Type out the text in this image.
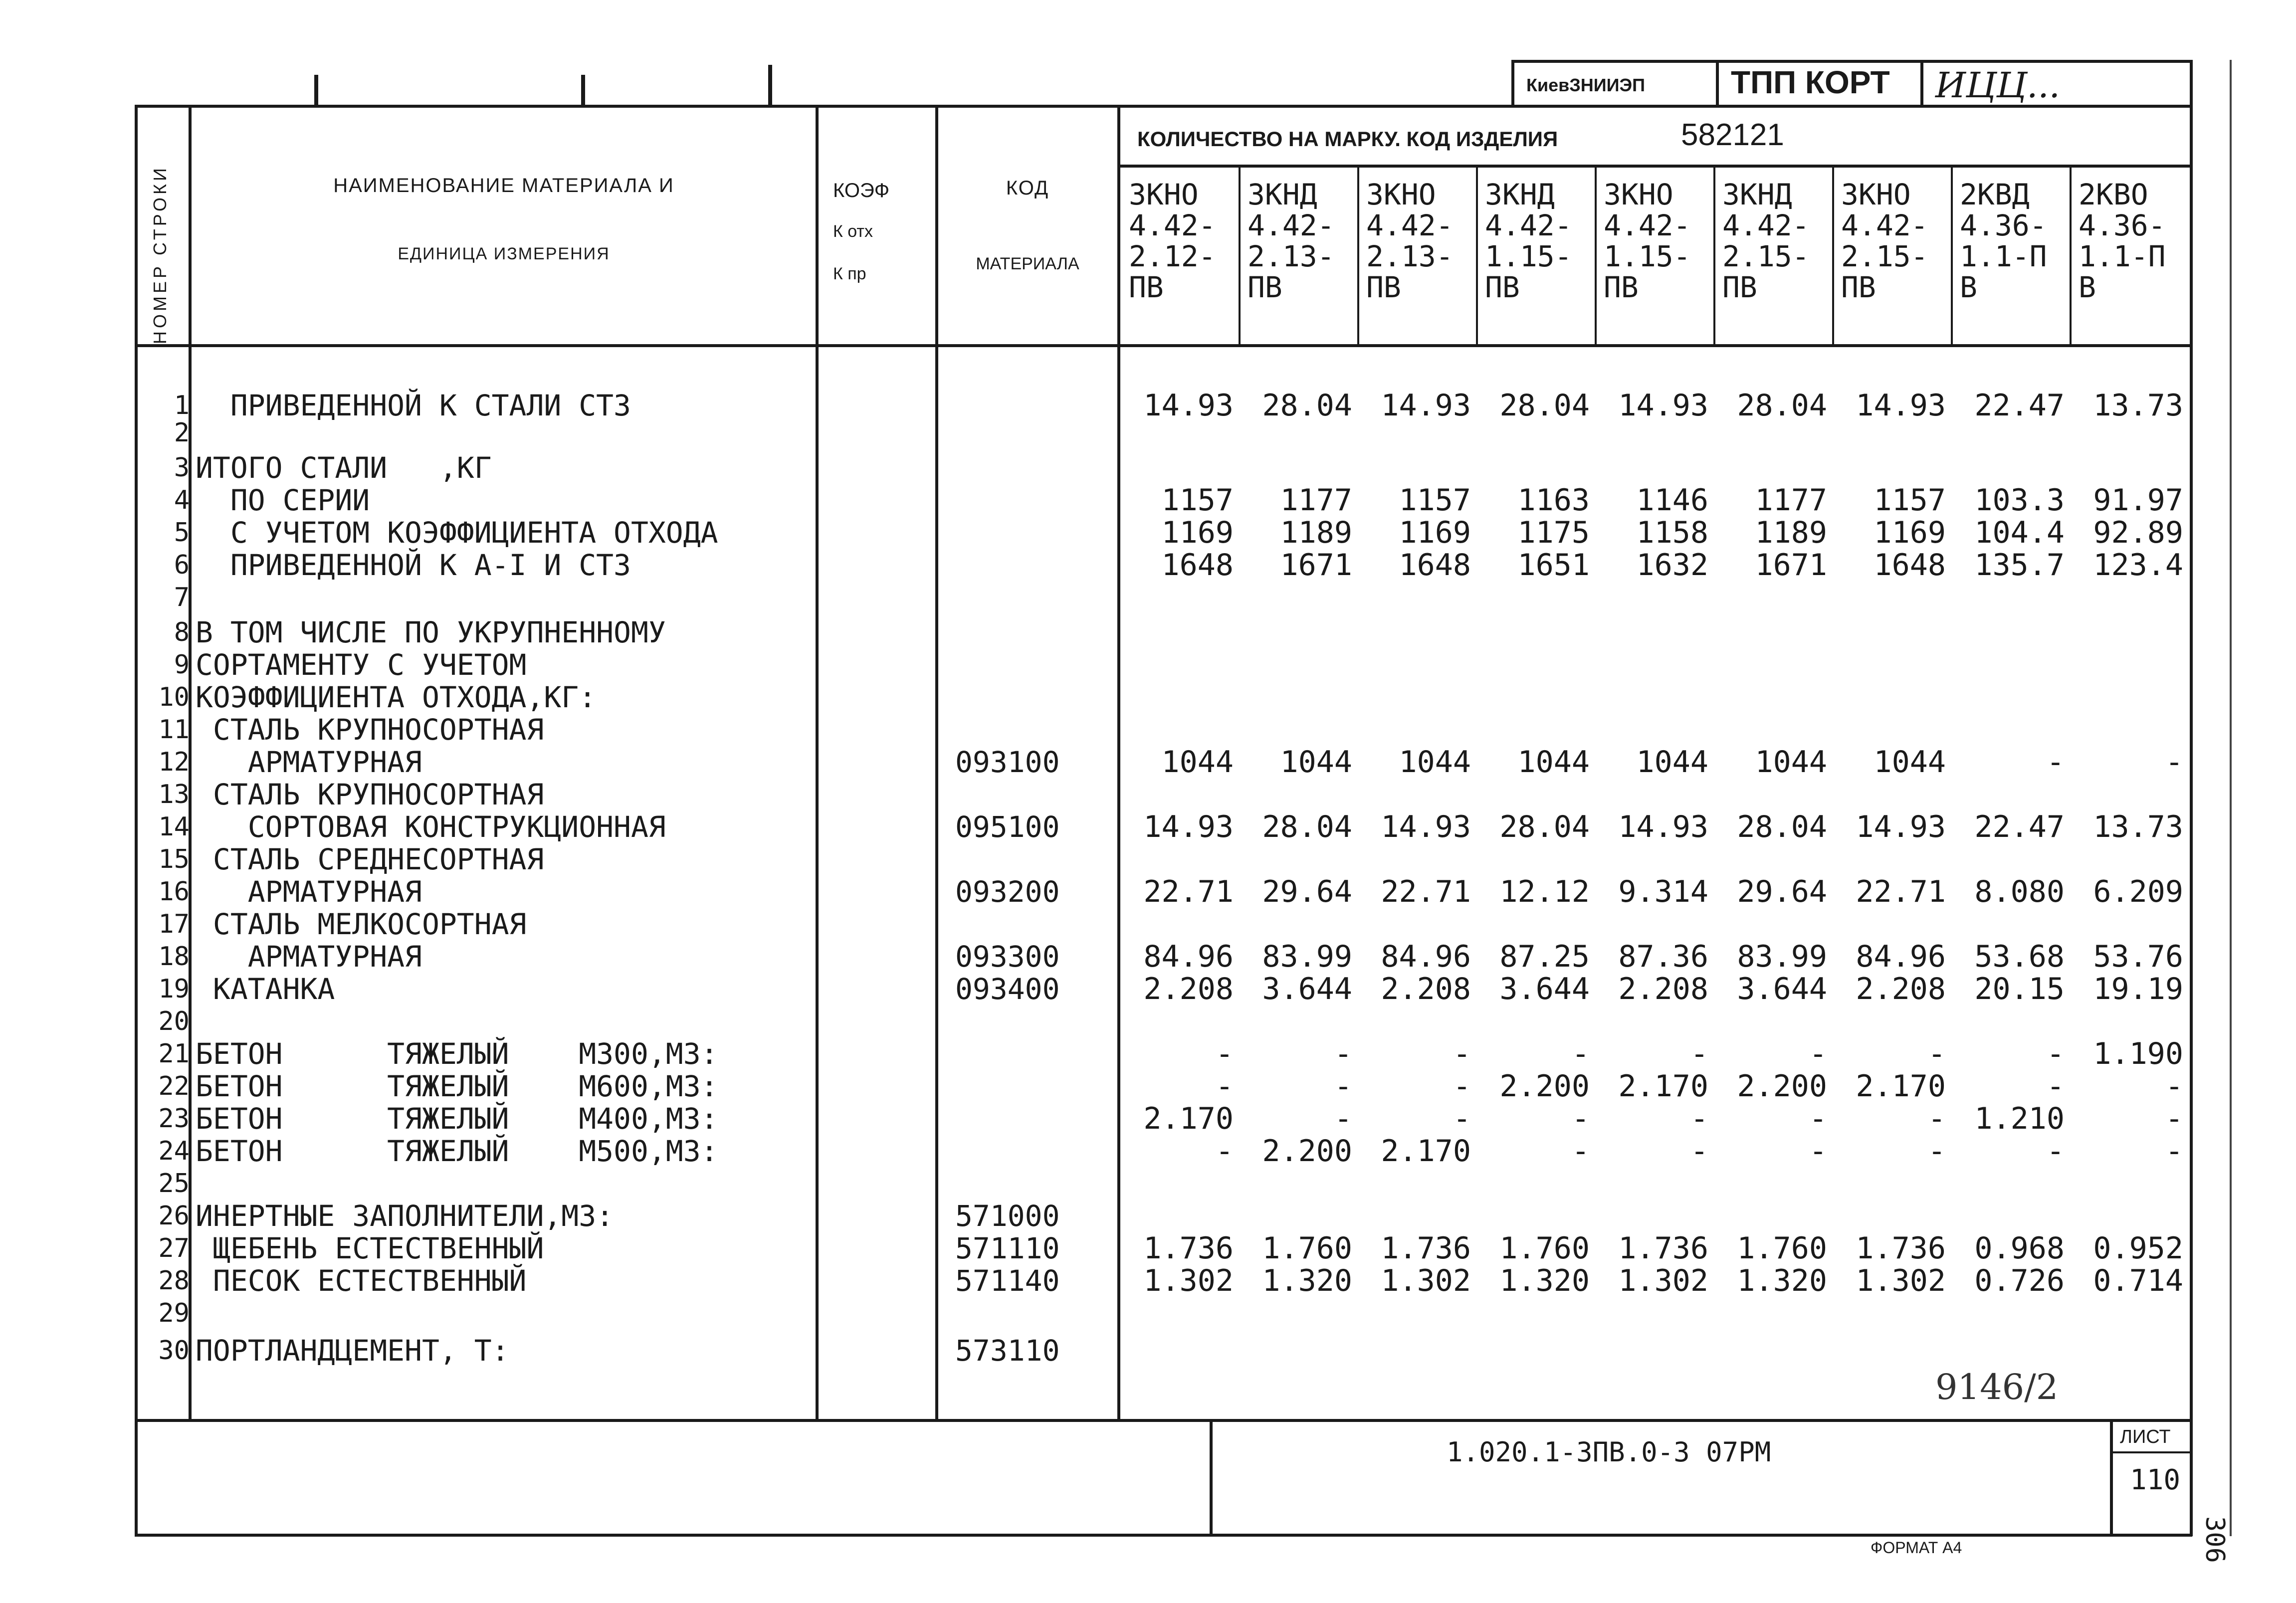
КиевЗНИИЭП	ТПП КОРТ ИЦЦ...
НОМЕР СТРОКИ	НАИМЕНОВАНИЕ МАТЕРИАЛА И
ЕДИНИЦА ИЗМЕРЕНИЯ
КОЭФ
К отх
К пр
КОД
МАТЕРИАЛА
КОЛИЧЕСТВО НА МАРКУ. КОД ИЗДЕЛИЯ	582121
ЗКНО
4.42-
2.12-
ПВ
ЗКНД
4.42-
2.13-
ПВ
ЗКНО
4.42-
2.13-
ПВ
ЗКНД
4.42-
1.15-
ПВ
ЗКНО
4.42-
1.15-
ПВ
ЗКНД
4.42-
2.15-
ПВ
ЗКНО
4.42-
2.15-
ПВ
2КВД
4.36-
1.1-П
В
2КВО
4.36-
1.1-П
В
1 ПРИВЕДЕННОЙ К СТАЛИ СТ3	14.93 28.04 14.93 28.04 14.93 28.04 14.93 22.47 13.73
2
3 ИТОГО СТАЛИ   ,КГ
4 ПО СЕРИИ	1157	1177	1157	1163	1146	1177	1157 103.3 91.97
5 С УЧЕТОМ КОЭФФИЦИЕНТА ОТХОДА	1169	1189	1169	1175	1158	1189	1169 104.4 92.89
6 ПРИВЕДЕННОЙ К А-I И СТ3	1648	1671	1648	1651	1632	1671	1648 135.7 123.4
7
8 В ТОМ ЧИСЛЕ ПО УКРУПНЕННОМУ
9 СОРТАМЕНТУ С УЧЕТОМ
10 КОЭФФИЦИЕНТА ОТХОДА,КГ:
11 СТАЛЬ КРУПНОСОРТНАЯ
12 АРМАТУРНАЯ	093100	1044	1044	1044	1044	1044	1044	1044	-	-
13 СТАЛЬ КРУПНОСОРТНАЯ
14 СОРТОВАЯ КОНСТРУКЦИОННАЯ	095100	14.93 28.04 14.93 28.04 14.93 28.04 14.93 22.47 13.73
15 СТАЛЬ СРЕДНЕСОРТНАЯ
16 АРМАТУРНАЯ	093200	22.71 29.64 22.71 12.12 9.314 29.64 22.71 8.080 6.209
17 СТАЛЬ МЕЛКОСОРТНАЯ
18 АРМАТУРНАЯ	093300	84.96 83.99 84.96 87.25 87.36 83.99 84.96 53.68 53.76
19 КАТАНКА	093400	2.208 3.644 2.208 3.644 2.208 3.644 2.208 20.15 19.19
20
21 БЕТОН      ТЯЖЕЛЫЙ    М300,М3:	-	-	-	-	-	-	-	- 1.190
22 БЕТОН      ТЯЖЕЛЫЙ    М600,М3:	-	-	- 2.200 2.170 2.200 2.170	-	-
23 БЕТОН      ТЯЖЕЛЫЙ    М400,М3:	2.170	-	-	-	-	-	- 1.210	-
24 БЕТОН      ТЯЖЕЛЫЙ    М500,М3:	- 2.200 2.170	-	-	-	-	-	-
25
26 ИНЕРТНЫЕ ЗАПОЛНИТЕЛИ,М3:	571000
27 ЩЕБЕНЬ ЕСТЕСТВЕННЫЙ	571110	1.736 1.760 1.736 1.760 1.736 1.760 1.736 0.968 0.952
28 ПЕСОК ЕСТЕСТВЕННЫЙ	571140	1.302 1.320 1.302 1.320 1.302 1.320 1.302 0.726 0.714
29
30 ПОРТЛАНДЦЕМЕНТ, Т:	573110
9146/2
1.020.1-3ПВ.0-3 07РМ	ЛИСТ
110
ФОРМАТ А4	306
